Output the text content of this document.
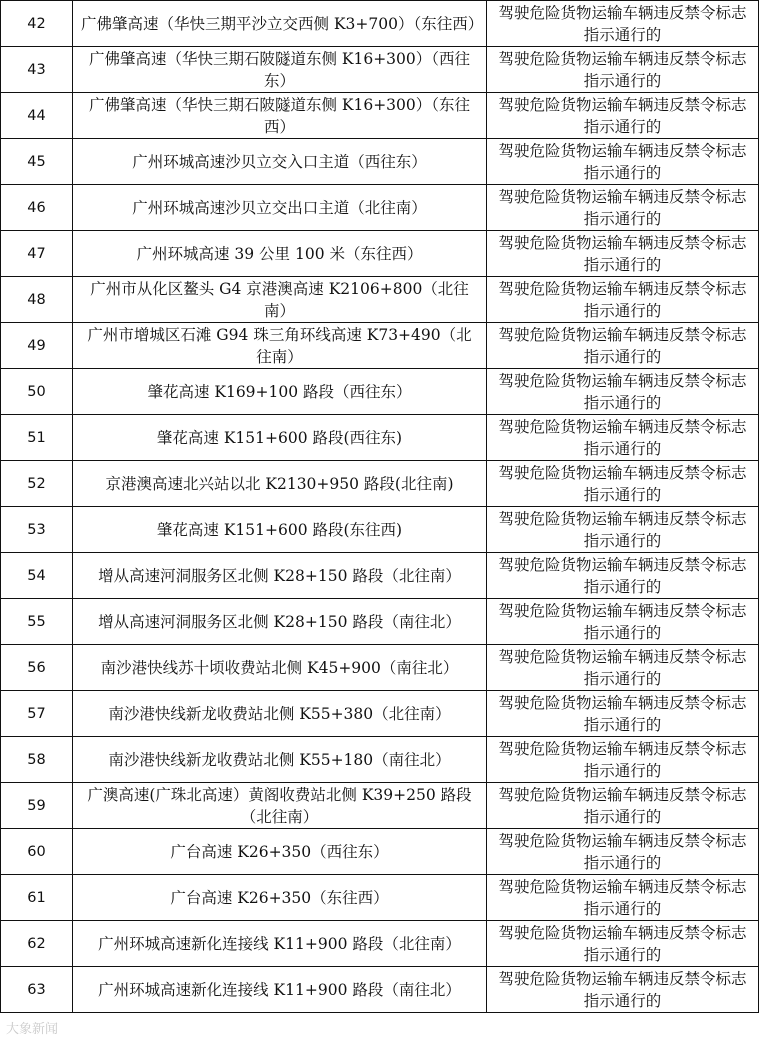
42	广佛肇高速（华快三期平沙立交西侧 K3+700）（东往西）	驾驶危险货物运输车辆违反禁令标志指示通行的
43	广佛肇高速（华快三期石陂隧道东侧 K16+300）（西往东）	驾驶危险货物运输车辆违反禁令标志指示通行的
44	广佛肇高速（华快三期石陂隧道东侧 K16+300）（东往西）	驾驶危险货物运输车辆违反禁令标志指示通行的
45	广州环城高速沙贝立交入口主道（西往东）	驾驶危险货物运输车辆违反禁令标志指示通行的
46	广州环城高速沙贝立交出口主道（北往南）	驾驶危险货物运输车辆违反禁令标志指示通行的
47	广州环城高速 39 公里 100 米（东往西）	驾驶危险货物运输车辆违反禁令标志指示通行的
48	广州市从化区鳌头 G4 京港澳高速 K2106+800（北往南）	驾驶危险货物运输车辆违反禁令标志指示通行的
49	广州市增城区石滩 G94 珠三角环线高速 K73+490（北往南）	驾驶危险货物运输车辆违反禁令标志指示通行的
50	肇花高速 K169+100 路段（西往东）	驾驶危险货物运输车辆违反禁令标志指示通行的
51	肇花高速 K151+600 路段(西往东)	驾驶危险货物运输车辆违反禁令标志指示通行的
52	京港澳高速北兴站以北 K2130+950 路段(北往南)	驾驶危险货物运输车辆违反禁令标志指示通行的
53	肇花高速 K151+600 路段(东往西)	驾驶危险货物运输车辆违反禁令标志指示通行的
54	增从高速河洞服务区北侧 K28+150 路段（北往南）	驾驶危险货物运输车辆违反禁令标志指示通行的
55	增从高速河洞服务区北侧 K28+150 路段（南往北）	驾驶危险货物运输车辆违反禁令标志指示通行的
56	南沙港快线苏十顷收费站北侧 K45+900（南往北）	驾驶危险货物运输车辆违反禁令标志指示通行的
57	南沙港快线新龙收费站北侧 K55+380（北往南）	驾驶危险货物运输车辆违反禁令标志指示通行的
58	南沙港快线新龙收费站北侧 K55+180（南往北）	驾驶危险货物运输车辆违反禁令标志指示通行的
59	广澳高速(广珠北高速）黄阁收费站北侧 K39+250 路段（北往南）	驾驶危险货物运输车辆违反禁令标志指示通行的
60	广台高速 K26+350（西往东）	驾驶危险货物运输车辆违反禁令标志指示通行的
61	广台高速 K26+350（东往西）	驾驶危险货物运输车辆违反禁令标志指示通行的
62	广州环城高速新化连接线 K11+900 路段（北往南）	驾驶危险货物运输车辆违反禁令标志指示通行的
63	广州环城高速新化连接线 K11+900 路段（南往北）	驾驶危险货物运输车辆违反禁令标志指示通行的
大象新闻
